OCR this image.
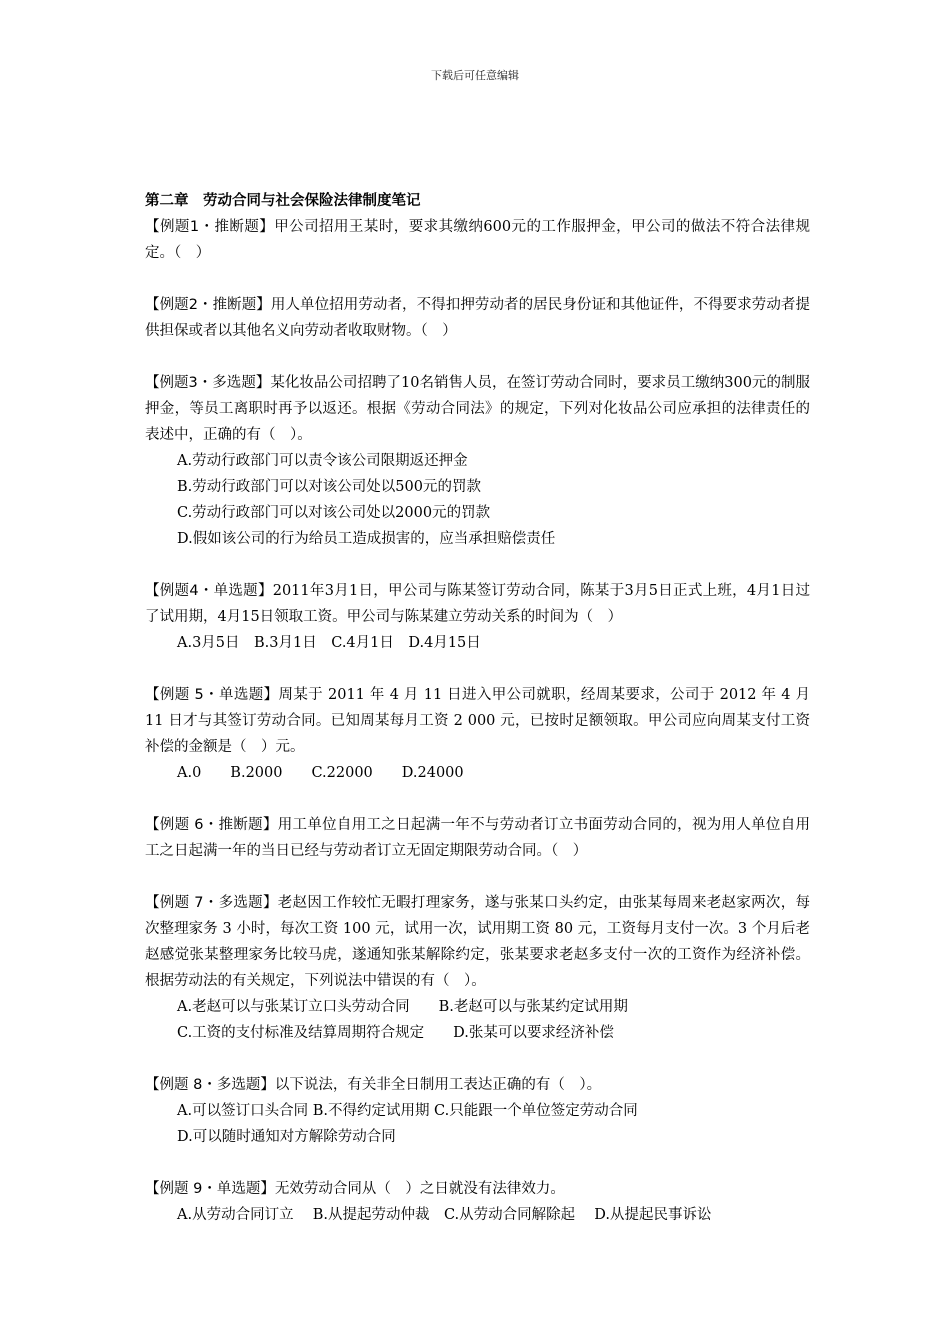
下载后可任意编辑
第二章　劳动合同与社会保险法律制度笔记

【例题1・推断题】甲公司招用王某时，要求其缴纳600元的工作服押金，甲公司的做法不符合法律规定。（　）

【例题2・推断题】用人单位招用劳动者，不得扣押劳动者的居民身份证和其他证件，不得要求劳动者提供担保或者以其他名义向劳动者收取财物。（　）

【例题3・多选题】某化妆品公司招聘了10名销售人员，在签订劳动合同时，要求员工缴纳300元的制服押金，等员工离职时再予以返还。根据《劳动合同法》的规定，下列对化妆品公司应承担的法律责任的表述中，正确的有（　）。

A.劳动行政部门可以责令该公司限期返还押金

B.劳动行政部门可以对该公司处以500元的罚款

C.劳动行政部门可以对该公司处以2000元的罚款

D.假如该公司的行为给员工造成损害的，应当承担赔偿责任

【例题4・单选题】2011年3月1日，甲公司与陈某签订劳动合同，陈某于3月5日正式上班，4月1日过了试用期，4月15日领取工资。甲公司与陈某建立劳动关系的时间为（　）

A.3月5日　B.3月1日　C.4月1日　D.4月15日

【例题 5・单选题】周某于 2011 年 4 月 11 日进入甲公司就职，经周某要求，公司于 2012 年 4 月 11 日才与其签订劳动合同。已知周某每月工资 2 000 元，已按时足额领取。甲公司应向周某支付工资补偿的金额是（　）元。

A.0　　B.2000　　C.22000　　D.24000

【例题 6・推断题】用工单位自用工之日起满一年不与劳动者订立书面劳动合同的，视为用人单位自用工之日起满一年的当日已经与劳动者订立无固定期限劳动合同。（　）

【例题 7・多选题】老赵因工作较忙无暇打理家务，遂与张某口头约定，由张某每周来老赵家两次，每次整理家务 3 小时，每次工资 100 元，试用一次，试用期工资 80 元，工资每月支付一次。3 个月后老赵感觉张某整理家务比较马虎，遂通知张某解除约定，张某要求老赵多支付一次的工资作为经济补偿。根据劳动法的有关规定，下列说法中错误的有（　）。

A.老赵可以与张某订立口头劳动合同　　B.老赵可以与张某约定试用期

C.工资的支付标准及结算周期符合规定　　D.张某可以要求经济补偿

【例题 8・多选题】以下说法，有关非全日制用工表达正确的有（　）。

A.可以签订口头合同 B.不得约定试用期 C.只能跟一个单位签定劳动合同

D.可以随时通知对方解除劳动合同

【例题 9・单选题】无效劳动合同从（　）之日就没有法律效力。

A.从劳动合同订立　 B.从提起劳动仲裁　C.从劳动合同解除起　 D.从提起民事诉讼
